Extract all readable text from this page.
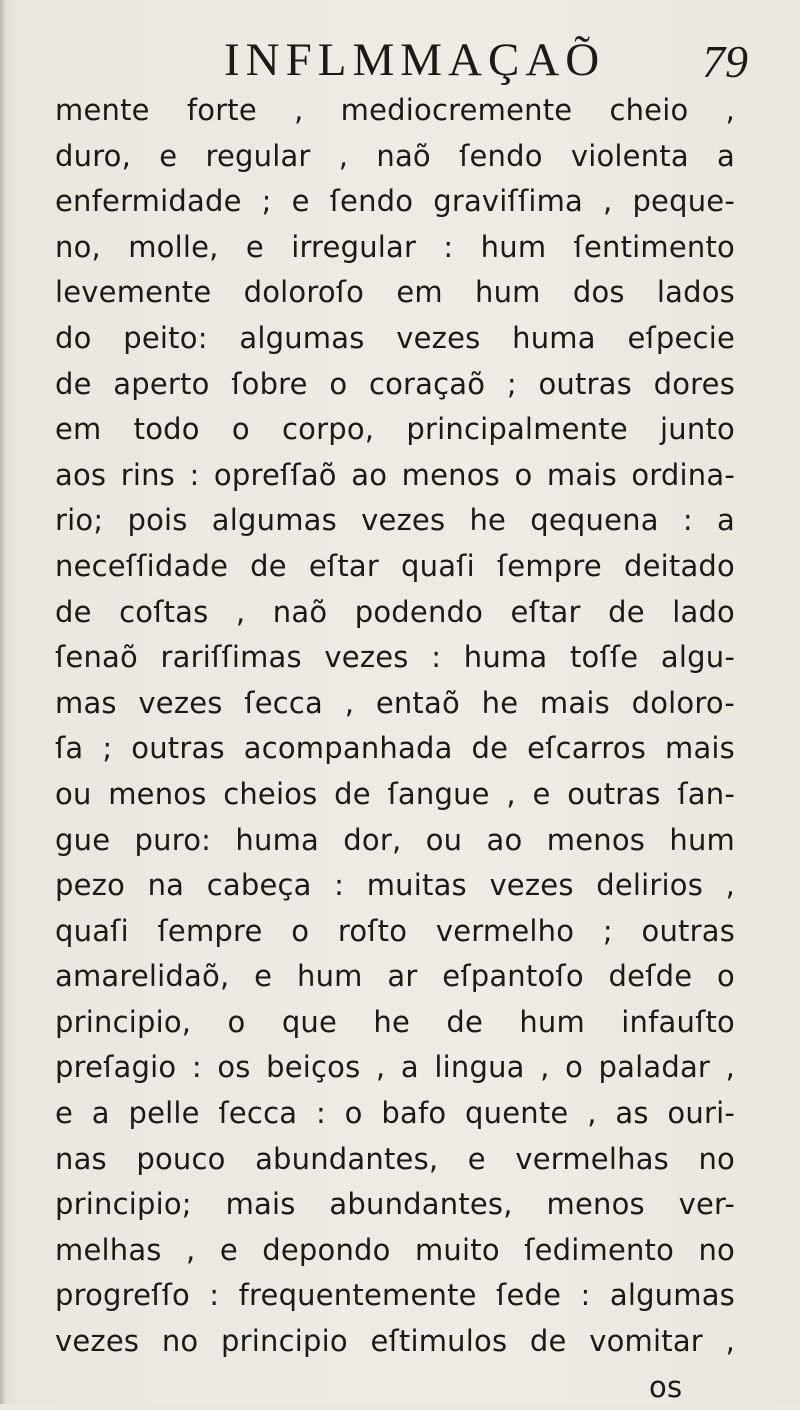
INFLMMAÇAÕ 79
mente forte , mediocremente cheio ,
duro, e regular , naõ ſendo violenta a
enfermidade ; e ſendo graviſſima , peque-
no, molle, e irregular : hum ſentimento
levemente doloroſo em hum dos lados
do peito: algumas vezes huma eſpecie
de aperto ſobre o coraçaõ ; outras dores
em todo o corpo, principalmente junto
aos rins : opreſſaõ ao menos o mais ordina-
rio; pois algumas vezes he qequena : a
neceſſidade de eſtar quaſi ſempre deitado
de coſtas , naõ podendo eſtar de lado
ſenaõ rariſſimas vezes : huma toſſe algu-
mas vezes ſecca , entaõ he mais doloro-
ſa ; outras acompanhada de eſcarros mais
ou menos cheios de ſangue , e outras ſan-
gue puro: huma dor, ou ao menos hum
pezo na cabeça : muitas vezes delirios ,
quaſi ſempre o roſto vermelho ; outras
amarelidaõ, e hum ar eſpantoſo deſde o
principio, o que he de hum infauſto
preſagio : os beiços , a lingua , o paladar ,
e a pelle ſecca : o bafo quente , as ouri-
nas pouco abundantes, e vermelhas no
principio; mais abundantes, menos ver-
melhas , e depondo muito ſedimento no
progreſſo : frequentemente ſede : algumas
vezes no principio eſtimulos de vomitar ,
os
